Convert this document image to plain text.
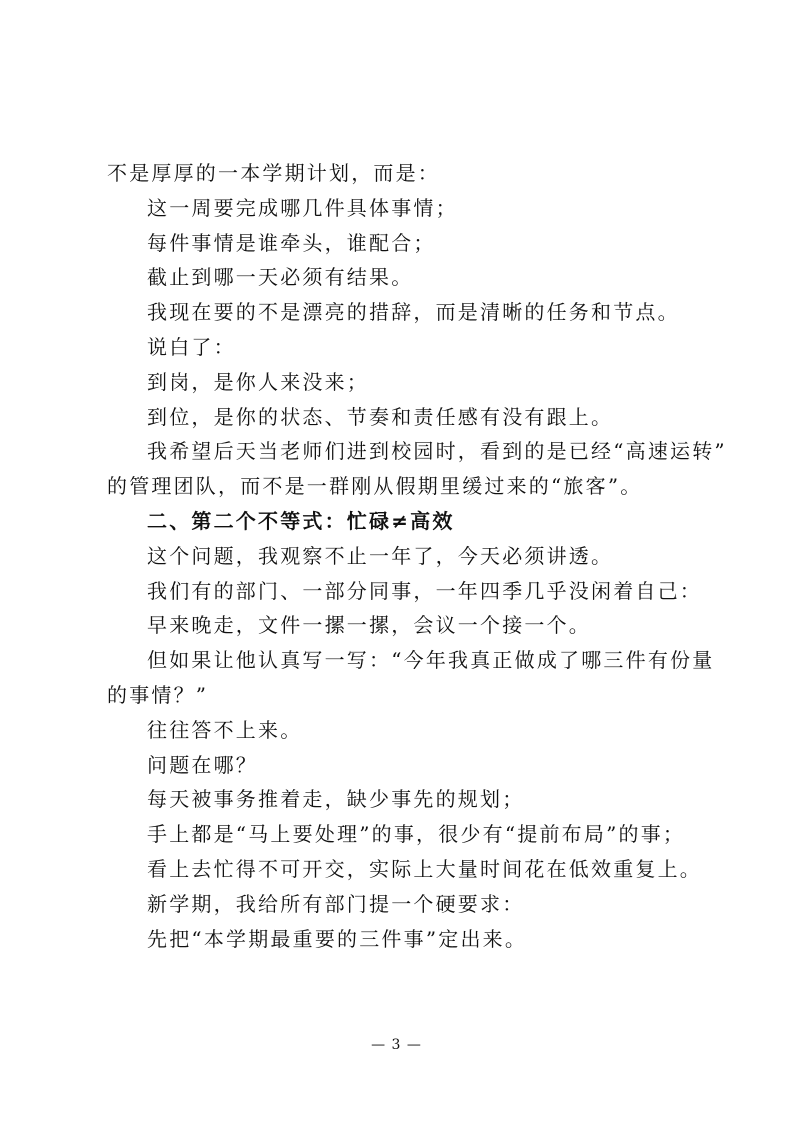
不是厚厚的一本学期计划，而是：
这一周要完成哪几件具体事情；
每件事情是谁牵头，谁配合；
截止到哪一天必须有结果。
我现在要的不是漂亮的措辞，而是清晰的任务和节点。
说白了：
到岗，是你人来没来；
到位，是你的状态、节奏和责任感有没有跟上。
我希望后天当老师们进到校园时，看到的是已经“高速运转”
的管理团队，而不是一群刚从假期里缓过来的“旅客”。
二、第二个不等式：忙碌≠高效
这个问题，我观察不止一年了，今天必须讲透。
我们有的部门、一部分同事，一年四季几乎没闲着自己：
早来晚走，文件一摞一摞，会议一个接一个。
但如果让他认真写一写：“今年我真正做成了哪三件有份量
的事情？”
往往答不上来。
问题在哪？
每天被事务推着走，缺少事先的规划；
手上都是“马上要处理”的事，很少有“提前布局”的事；
看上去忙得不可开交，实际上大量时间花在低效重复上。
新学期，我给所有部门提一个硬要求：
先把“本学期最重要的三件事”定出来。
— 3 —
